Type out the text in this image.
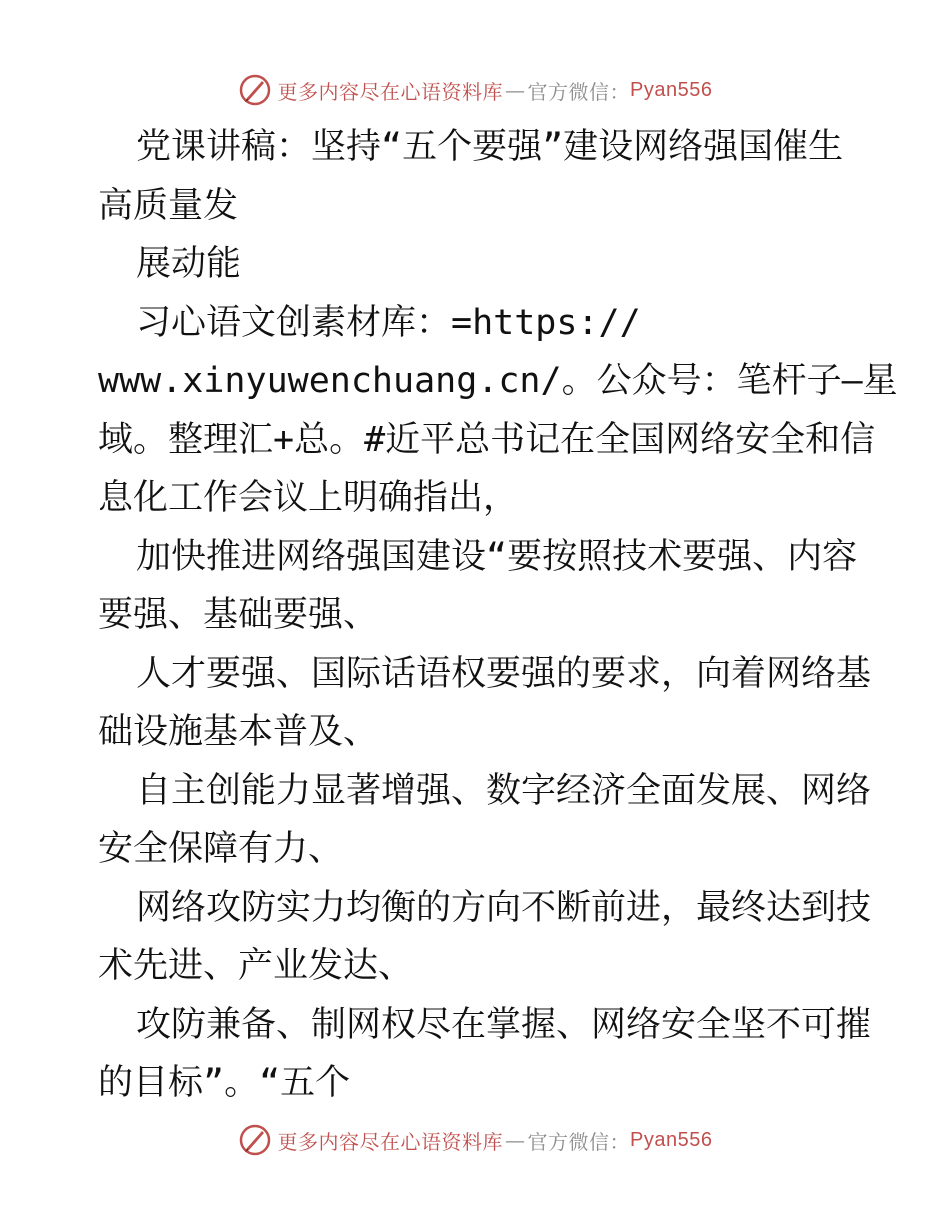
更多内容尽在心语资料库 — 官方微信： Pyan556
党课讲稿：坚持“五个要强”建设网络强国催生
高质量发
展动能
习心语文创素材库：=https://
www.xinyuwenchuang.cn/。公众号：笔杆子—星
域。整理汇+总。#近平总书记在全国网络安全和信
息化工作会议上明确指出，
加快推进网络强国建设“要按照技术要强、内容
要强、基础要强、
人才要强、国际话语权要强的要求，向着网络基
础设施基本普及、
自主创能力显著增强、数字经济全面发展、网络
安全保障有力、
网络攻防实力均衡的方向不断前进，最终达到技
术先进、产业发达、
攻防兼备、制网权尽在掌握、网络安全坚不可摧
的目标”。“五个
更多内容尽在心语资料库 — 官方微信： Pyan556
